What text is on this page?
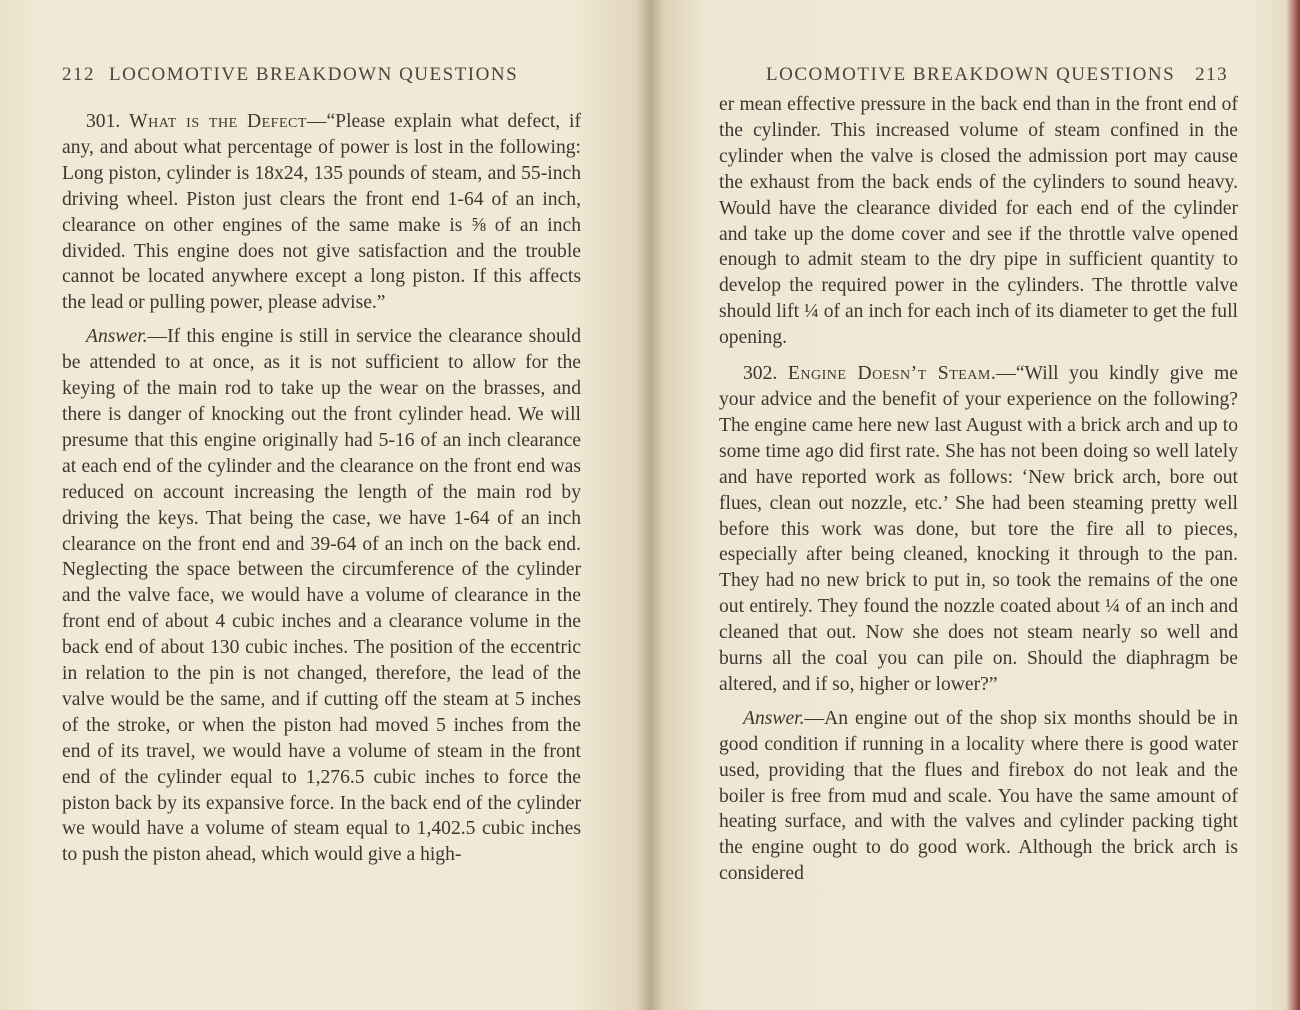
212 LOCOMOTIVE BREAKDOWN QUESTIONS

301. What is the Defect—“Please explain what defect, if any, and about what percentage of power is lost in the following: Long piston, cylinder is 18x24, 135 pounds of steam, and 55-inch driving wheel. Piston just clears the front end 1-64 of an inch, clearance on other engines of the same make is ⅝ of an inch divided. This engine does not give satisfaction and the trouble cannot be located anywhere except a long piston. If this affects the lead or pulling power, please advise.”

Answer.—If this engine is still in service the clearance should be attended to at once, as it is not sufficient to allow for the keying of the main rod to take up the wear on the brasses, and there is danger of knocking out the front cylinder head. We will presume that this engine originally had 5-16 of an inch clearance at each end of the cylinder and the clearance on the front end was reduced on account increasing the length of the main rod by driving the keys. That being the case, we have 1-64 of an inch clearance on the front end and 39-64 of an inch on the back end. Neglecting the space between the circumference of the cylinder and the valve face, we would have a volume of clearance in the front end of about 4 cubic inches and a clearance volume in the back end of about 130 cubic inches. The position of the eccentric in relation to the pin is not changed, therefore, the lead of the valve would be the same, and if cutting off the steam at 5 inches of the stroke, or when the piston had moved 5 inches from the end of its travel, we would have a volume of steam in the front end of the cylinder equal to 1,276.5 cubic inches to force the piston back by its expansive force. In the back end of the cylinder we would have a volume of steam equal to 1,402.5 cubic inches to push the piston ahead, which would give a high-

LOCOMOTIVE BREAKDOWN QUESTIONS 213

er mean effective pressure in the back end than in the front end of the cylinder. This increased volume of steam confined in the cylinder when the valve is closed the admission port may cause the exhaust from the back ends of the cylinders to sound heavy. Would have the clearance divided for each end of the cylinder and take up the dome cover and see if the throttle valve opened enough to admit steam to the dry pipe in sufficient quantity to develop the required power in the cylinders. The throttle valve should lift ¼ of an inch for each inch of its diameter to get the full opening.

302. Engine Doesn’t Steam.—“Will you kindly give me your advice and the benefit of your experience on the following? The engine came here new last August with a brick arch and up to some time ago did first rate. She has not been doing so well lately and have reported work as follows: ‘New brick arch, bore out flues, clean out nozzle, etc.’ She had been steaming pretty well before this work was done, but tore the fire all to pieces, especially after being cleaned, knocking it through to the pan. They had no new brick to put in, so took the remains of the one out entirely. They found the nozzle coated about ¼ of an inch and cleaned that out. Now she does not steam nearly so well and burns all the coal you can pile on. Should the diaphragm be altered, and if so, higher or lower?”

Answer.—An engine out of the shop six months should be in good condition if running in a locality where there is good water used, providing that the flues and firebox do not leak and the boiler is free from mud and scale. You have the same amount of heating surface, and with the valves and cylinder packing tight the engine ought to do good work. Although the brick arch is considered
